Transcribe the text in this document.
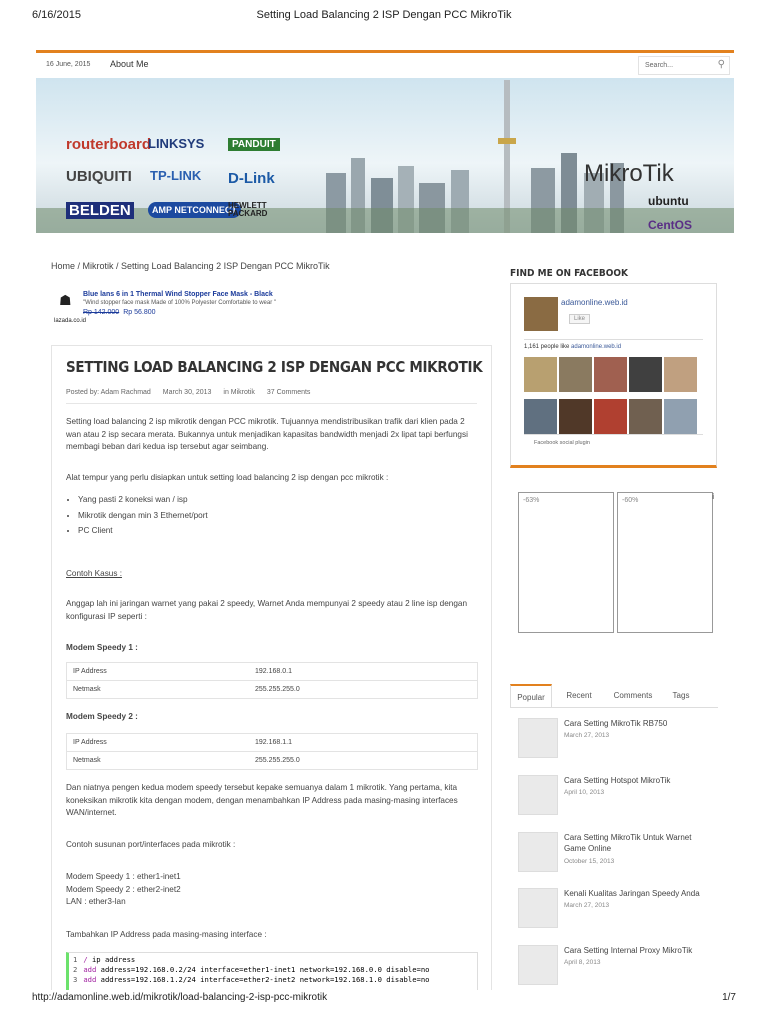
6/16/2015	Setting Load Balancing 2 ISP Dengan PCC MikroTik
16 June, 2015 About Me	Search...	⚲
routerboard
LINKSYS	PANDUIT
UBIQUITI TP-LINK D-Link
BELDEN	AMP NETCONNECT
HEWLETT PACKARD
MikroTik
ubuntu
CentOS
Home / Mikrotik / Setting Load Balancing 2 ISP Dengan PCC MikroTik
☗ Blue lans 6 in 1 Thermal Wind Stopper Face Mask - Black
"Wind stopper face mask Made of 100% Polyester Comfortable to wear "
Rp 142.000 Rp 56.800
lazada.co.id
SETTING LOAD BALANCING 2 ISP DENGAN PCC MIKROTIK
Posted by: Adam Rachmad March 30, 2013 in Mikrotik 37 Comments
Setting load balancing 2 isp mikrotik dengan PCC mikrotik. Tujuannya mendistribusikan trafik dari klien pada 2 wan atau 2 isp secara merata. Bukannya untuk menjadikan kapasitas bandwidth menjadi 2x lipat tapi berfungsi membagi beban dari kedua isp tersebut agar seimbang.
Alat tempur yang perlu disiapkan untuk setting load balancing 2 isp dengan pcc mikrotik :
• Yang pasti 2 koneksi wan / isp
• Mikrotik dengan min 3 Ethernet/port
• PC Client
Contoh Kasus :
Anggap lah ini jaringan warnet yang pakai 2 speedy, Warnet Anda mempunyai 2 speedy atau 2 line isp dengan konfigurasi IP seperti :
Modem Speedy 1 :
IP Address	192.168.0.1
Netmask	255.255.255.0
Modem Speedy 2 :
IP Address	192.168.1.1
Netmask	255.255.255.0
Dan niatnya pengen kedua modem speedy tersebut kepake semuanya dalam 1 mikrotik. Yang pertama, kita koneksikan mikrotik kita dengan modem, dengan menambahkan IP Address pada masing-masing interfaces WAN/internet.
Contoh susunan port/interfaces pada mikrotik :
Modem Speedy 1 : ether1-inet1
Modem Speedy 2 : ether2-inet2
LAN : ether3-lan
Tambahkan IP Address pada masing-masing interface :
1 / ip address
2 add address=192.168.0.2/24 interface=ether1-inet1 network=192.168.0.0 disable=no
3 add address=192.168.1.2/24 interface=ether2-inet2 network=192.168.1.0 disable=no
FIND ME ON FACEBOOK
adamonline.web.id
Like
1,161 people like adamonline.web.id

Facebook social plugin
-63%	-60%	i
Popular	Recent	Comments	Tags
Cara Setting MikroTik RB750
March 27, 2013
Cara Setting Hotspot MikroTik
April 10, 2013
Cara Setting MikroTik Untuk Warnet Game Online
October 15, 2013
Kenali Kualitas Jaringan Speedy Anda
March 27, 2013
Cara Setting Internal Proxy MikroTik
April 8, 2013
http://adamonline.web.id/mikrotik/load-balancing-2-isp-pcc-mikrotik	1/7
